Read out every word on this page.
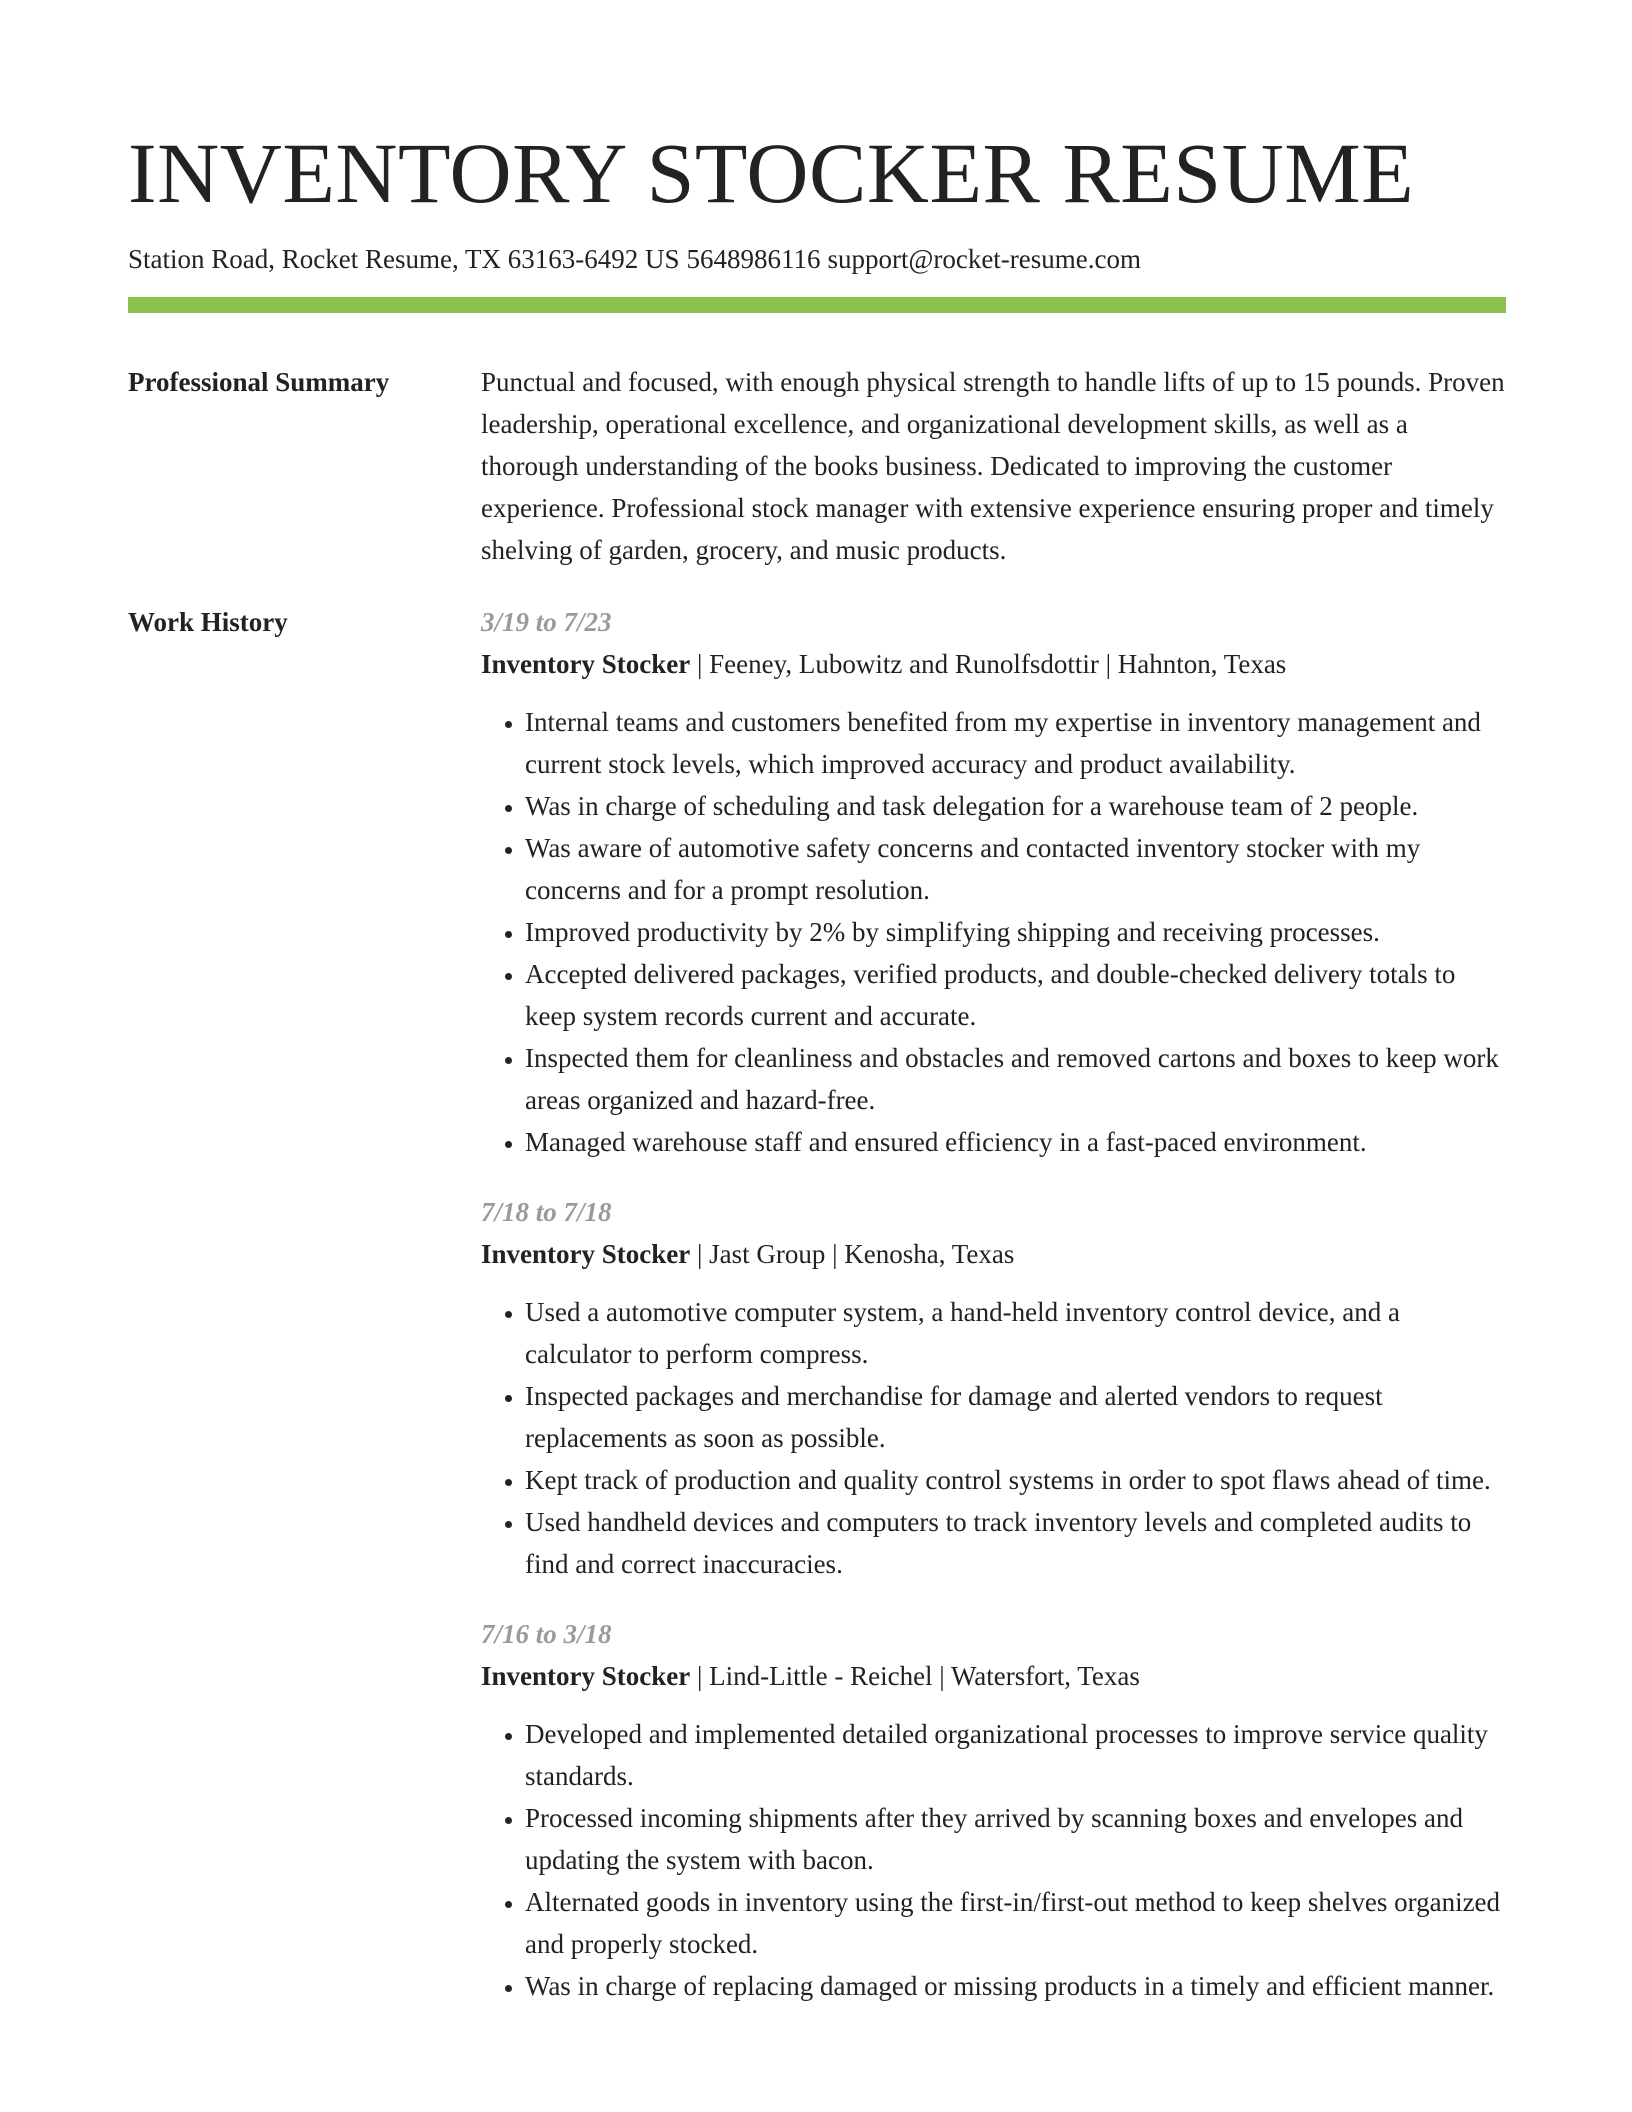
INVENTORY STOCKER RESUME
Station Road, Rocket Resume, TX 63163-6492 US 5648986116 support@rocket-resume.com
Professional Summary	Punctual and focused, with enough physical strength to handle lifts of up to 15 pounds. Proven leadership, operational excellence, and organizational development skills, as well as a thorough understanding of the books business. Dedicated to improving the customer experience. Professional stock manager with extensive experience ensuring proper and timely shelving of garden, grocery, and music products.

Work History	3/19 to 7/23
Inventory Stocker | Feeney, Lubowitz and Runolfsdottir | Hahnton, Texas
• Internal teams and customers benefited from my expertise in inventory management and current stock levels, which improved accuracy and product availability.
• Was in charge of scheduling and task delegation for a warehouse team of 2 people.
• Was aware of automotive safety concerns and contacted inventory stocker with my concerns and for a prompt resolution.
• Improved productivity by 2% by simplifying shipping and receiving processes.
• Accepted delivered packages, verified products, and double-checked delivery totals to keep system records current and accurate.
• Inspected them for cleanliness and obstacles and removed cartons and boxes to keep work areas organized and hazard-free.
• Managed warehouse staff and ensured efficiency in a fast-paced environment.
7/18 to 7/18
Inventory Stocker | Jast Group | Kenosha, Texas
• Used a automotive computer system, a hand-held inventory control device, and a calculator to perform compress.
• Inspected packages and merchandise for damage and alerted vendors to request replacements as soon as possible.
• Kept track of production and quality control systems in order to spot flaws ahead of time.
• Used handheld devices and computers to track inventory levels and completed audits to find and correct inaccuracies.
7/16 to 3/18
Inventory Stocker | Lind-Little - Reichel | Watersfort, Texas
• Developed and implemented detailed organizational processes to improve service quality standards.
• Processed incoming shipments after they arrived by scanning boxes and envelopes and updating the system with bacon.
• Alternated goods in inventory using the first-in/first-out method to keep shelves organized and properly stocked.
• Was in charge of replacing damaged or missing products in a timely and efficient manner.
